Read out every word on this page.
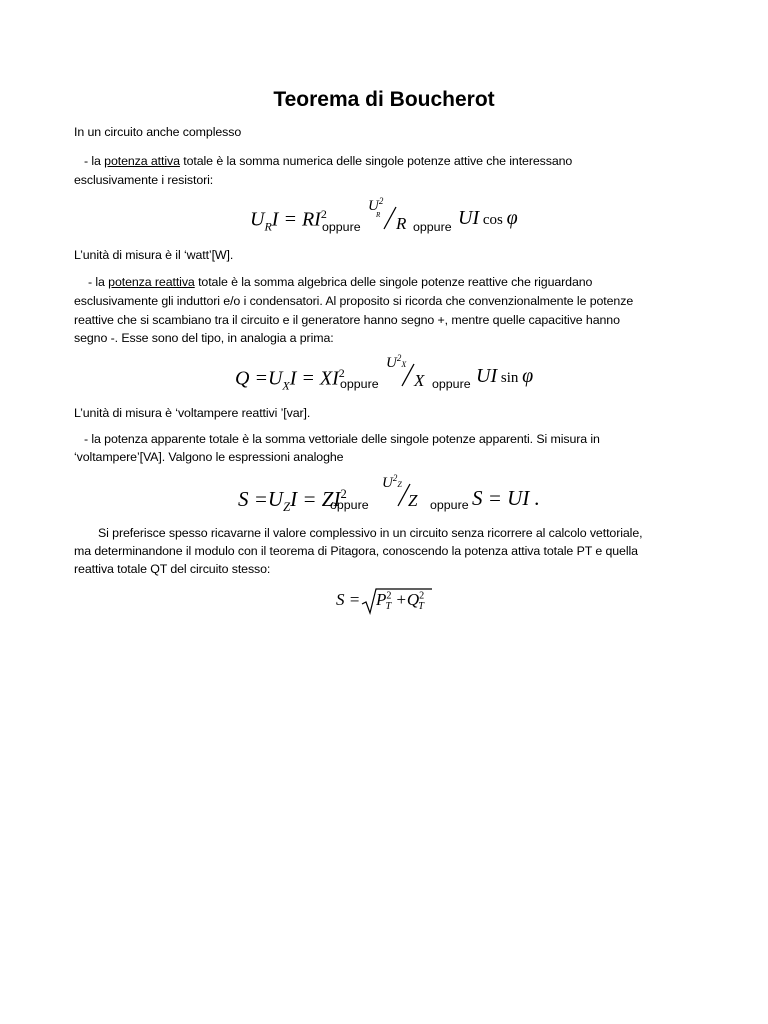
Teorema di Boucherot
In un circuito anche complesso
- la potenza attiva totale è la somma numerica delle singole potenze attive che interessano
esclusivamente i resistori:
$U_RI = RI^2$
oppure
$U^2$
R R oppure UI cos φ
L’unità di misura è il ‘watt’[W].
- la potenza reattiva totale è la somma algebrica delle singole potenze reattive che riguardano
esclusivamente gli induttori e/o i condensatori. Al proposito si ricorda che convenzionalmente le potenze
reattive che si scambiano tra il circuito e il generatore hanno segno +, mentre quelle capacitive hanno
segno -. Esse sono del tipo, in analogia a prima:
$Q =U_XI = XI^2$
oppure
$U^2X$
X oppure UI sin φ
L’unità di misura è ‘voltampere reattivi ’[var].
- la potenza apparente totale è la somma vettoriale delle singole potenze apparenti. Si misura in
‘voltampere’[VA]. Valgono le espressioni analoghe
$S =U_ZI = ZI^2$
oppure
$U^2Z$
Z oppure S = UI .
Si preferisce spesso ricavarne il valore complessivo in un circuito senza ricorrere al calcolo vettoriale,
ma determinandone il modulo con il teorema di Pitagora, conoscendo la potenza attiva totale PT e quella
reattiva totale QT del circuito stesso:
$S = P^2_T +Q^2_T$
